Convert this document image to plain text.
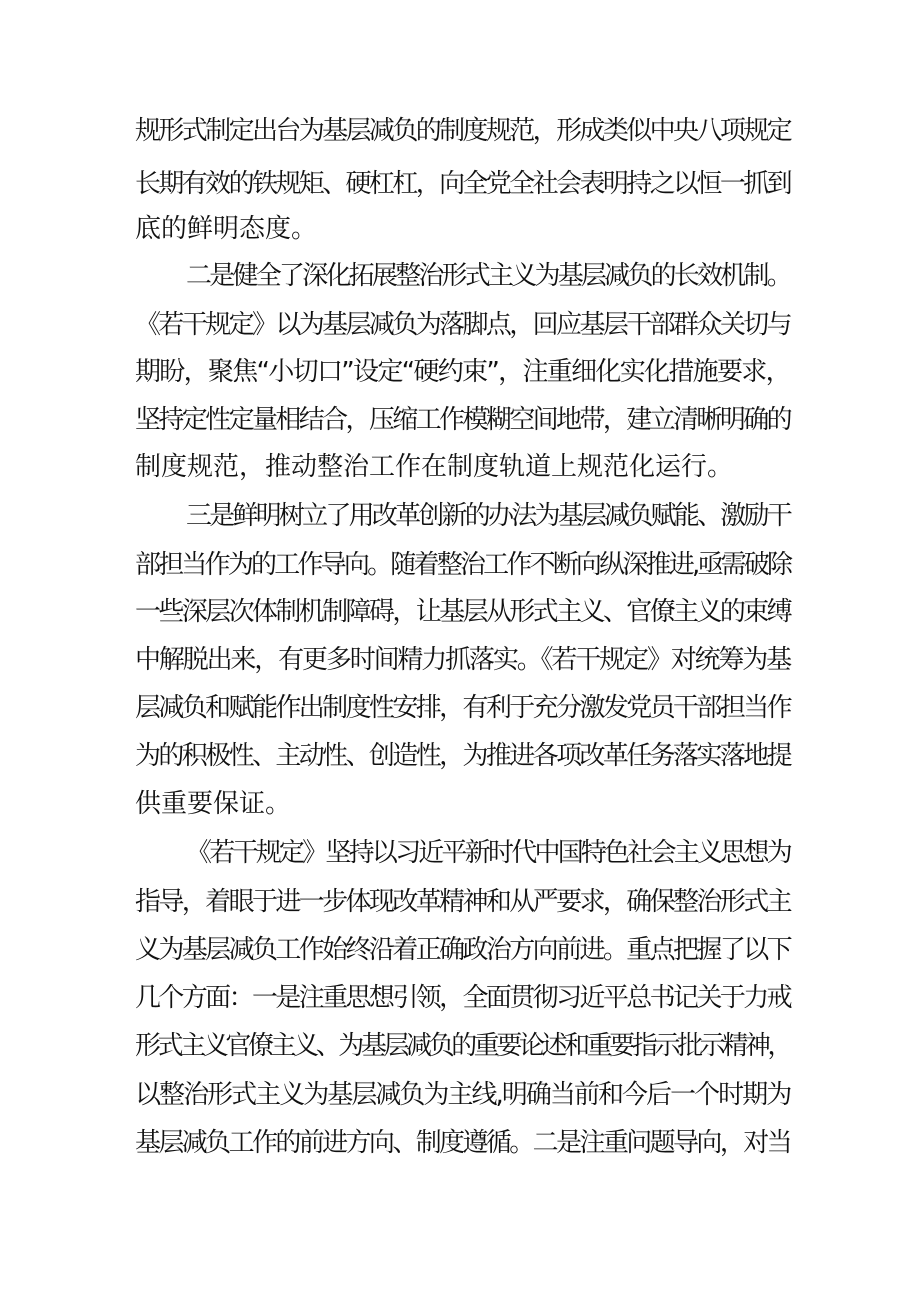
规形式制定出台为基层减负的制度规范，形成类似中央八项规定
长期有效的铁规矩、硬杠杠，向全党全社会表明持之以恒一抓到
底的鲜明态度。
二是健全了深化拓展整治形式主义为基层减负的长效机制。
《若干规定》以为基层减负为落脚点，回应基层干部群众关切与
期盼，聚焦“小切口”设定“硬约束”，注重细化实化措施要求，
坚持定性定量相结合，压缩工作模糊空间地带，建立清晰明确的
制度规范，推动整治工作在制度轨道上规范化运行。
三是鲜明树立了用改革创新的办法为基层减负赋能、激励干
部担当作为的工作导向。随着整治工作不断向纵深推进,亟需破除
一些深层次体制机制障碍，让基层从形式主义、官僚主义的束缚
中解脱出来，有更多时间精力抓落实。《若干规定》对统筹为基
层减负和赋能作出制度性安排，有利于充分激发党员干部担当作
为的积极性、主动性、创造性，为推进各项改革任务落实落地提
供重要保证。
《若干规定》坚持以习近平新时代中国特色社会主义思想为
指导，着眼于进一步体现改革精神和从严要求，确保整治形式主
义为基层减负工作始终沿着正确政治方向前进。重点把握了以下
几个方面：一是注重思想引领，全面贯彻习近平总书记关于力戒
形式主义官僚主义、为基层减负的重要论述和重要指示批示精神，
以整治形式主义为基层减负为主线,明确当前和今后一个时期为
基层减负工作的前进方向、制度遵循。二是注重问题导向，对当
